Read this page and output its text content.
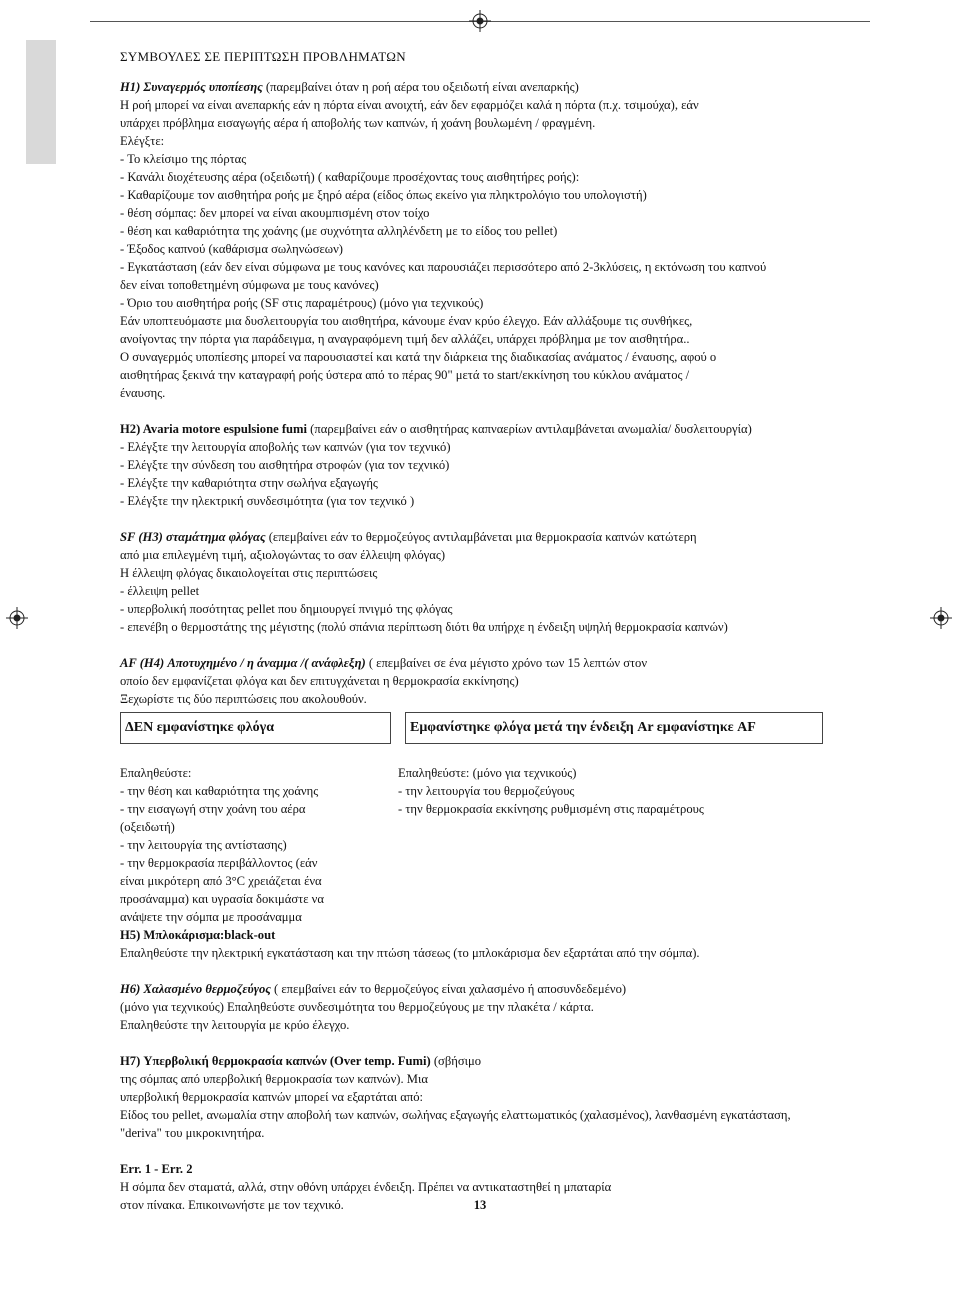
ΣΥΜΒΟΥΛΕΣ ΣΕ ΠΕΡΙΠΤΩΣΗ ΠΡΟΒΛΗΜΑΤΩΝ
H1) Συναγερμός υποπίεσης (παρεμβαίνει όταν η ροή αέρα του οξειδωτή είναι ανεπαρκής)
Η ροή μπορεί να είναι ανεπαρκής εάν η πόρτα είναι ανοιχτή, εάν δεν εφαρμόζει καλά η πόρτα (π.χ. τσιμούχα), εάν
υπάρχει πρόβλημα εισαγωγής αέρα ή αποβολής των καπνών, ή χοάνη βουλωμένη / φραγμένη.
Ελέγξτε:
- Το κλείσιμο της πόρτας
- Κανάλι διοχέτευσης αέρα (οξειδωτή) ( καθαρίζουμε προσέχοντας τους αισθητήρες ροής):
- Καθαρίζουμε τον αισθητήρα ροής με ξηρό αέρα (είδος όπως εκείνο για πληκτρολόγιο του υπολογιστή)
- θέση σόμπας: δεν μπορεί να είναι ακουμπισμένη στον τοίχο
- θέση και καθαριότητα της χοάνης (με συχνότητα αλληλένδετη με το είδος του pellet)
- Έξοδος καπνού (καθάρισμα σωληνώσεων)
- Εγκατάσταση (εάν δεν είναι σύμφωνα με τους κανόνες και παρουσιάζει περισσότερο από 2-3κλύσεις, η εκτόνωση του καπνού
δεν είναι τοποθετημένη σύμφωνα με τους κανόνες)
- Όριο του αισθητήρα ροής (SF στις παραμέτρους) (μόνο για τεχνικούς)
Εάν υποπτευόμαστε μια δυσλειτουργία του αισθητήρα, κάνουμε έναν κρύο έλεγχο. Εάν αλλάξουμε τις συνθήκες,
ανοίγοντας την πόρτα για παράδειγμα, η αναγραφόμενη τιμή δεν αλλάζει, υπάρχει πρόβλημα με τον αισθητήρα..
Ο συναγερμός υποπίεσης μπορεί να παρουσιαστεί και κατά την διάρκεια της διαδικασίας ανάματος / έναυσης, αφού ο
αισθητήρας ξεκινά την καταγραφή ροής ύστερα από το πέρας 90" μετά το start/εκκίνηση του κύκλου ανάματος /
έναυσης.
H2) Avaria motore espulsione fumi (παρεμβαίνει εάν ο αισθητήρας καπναερίων αντιλαμβάνεται ανωμαλία/ δυσλειτουργία)
- Ελέγξτε την λειτουργία αποβολής των καπνών (για τον τεχνικό)
- Ελέγξτε την σύνδεση του αισθητήρα στροφών (για τον τεχνικό)
- Ελέγξτε την καθαριότητα στην σωλήνα εξαγωγής
- Ελέγξτε την ηλεκτρική συνδεσιμότητα (για τον τεχνικό )
SF (H3) σταμάτημα φλόγας (επεμβαίνει εάν το θερμοζεύγος αντιλαμβάνεται μια θερμοκρασία καπνών κατώτερη
από μια επιλεγμένη τιμή, αξιολογώντας το σαν έλλειψη φλόγας)
Η έλλειψη φλόγας δικαιολογείται στις περιπτώσεις
- έλλειψη pellet
- υπερβολική ποσότητας pellet που δημιουργεί πνιγμό της φλόγας
- επενέβη ο θερμοστάτης της μέγιστης (πολύ σπάνια περίπτωση διότι θα υπήρχε η ένδειξη υψηλή θερμοκρασία καπνών)
AF (H4) Αποτυχημένο / η άναμμα /( ανάφλεξη) ( επεμβαίνει σε ένα μέγιστο χρόνο των 15 λεπτών στον
οποίο δεν εμφανίζεται φλόγα και δεν επιτυγχάνεται η θερμοκρασία εκκίνησης)
Ξεχωρίστε τις δύο περιπτώσεις που ακολουθούν.
ΔΕΝ εμφανίστηκε φλόγα	Εμφανίστηκε φλόγα μετά την ένδειξη Ar εμφανίστηκε AF
Επαληθεύστε:
- την θέση και καθαριότητα της χοάνης
- την εισαγωγή στην χοάνη του αέρα
(οξειδωτή)
- την λειτουργία της αντίστασης)
- την θερμοκρασία περιβάλλοντος (εάν
είναι μικρότερη από 3°C χρειάζεται ένα
προσάναμμα) και υγρασία δοκιμάστε να
ανάψετε την σόμπα με προσάναμμα
Επαληθεύστε: (μόνο για τεχνικούς)
- την λειτουργία του θερμοζεύγους
- την θερμοκρασία εκκίνησης ρυθμισμένη στις παραμέτρους
H5) Μπλοκάρισμα:black-out
Επαληθεύστε την ηλεκτρική εγκατάσταση και την πτώση τάσεως (το μπλοκάρισμα δεν εξαρτάται από την σόμπα).
H6) Χαλασμένο θερμοζεύγος ( επεμβαίνει εάν το θερμοζεύγος είναι χαλασμένο ή αποσυνδεδεμένο)
(μόνο για τεχνικούς) Επαληθεύστε συνδεσιμότητα του θερμοζεύγους με την πλακέτα / κάρτα.
Επαληθεύστε την λειτουργία με κρύο έλεγχο.
H7) Υπερβολική θερμοκρασία καπνών (Over temp. Fumi) (σβήσιμο
της σόμπας από υπερβολική θερμοκρασία των καπνών). Μια
υπερβολική θερμοκρασία καπνών μπορεί να εξαρτάται από:
Είδος του pellet, ανωμαλία στην αποβολή των καπνών, σωλήνας εξαγωγής ελαττωματικός (χαλασμένος), λανθασμένη εγκατάσταση,
"deriva" του μικροκινητήρα.
Err. 1 - Err. 2
Η σόμπα δεν σταματά, αλλά, στην οθόνη υπάρχει ένδειξη. Πρέπει να αντικαταστηθεί η μπαταρία
στον πίνακα. Επικοινωνήστε με τον τεχνικό.	13
